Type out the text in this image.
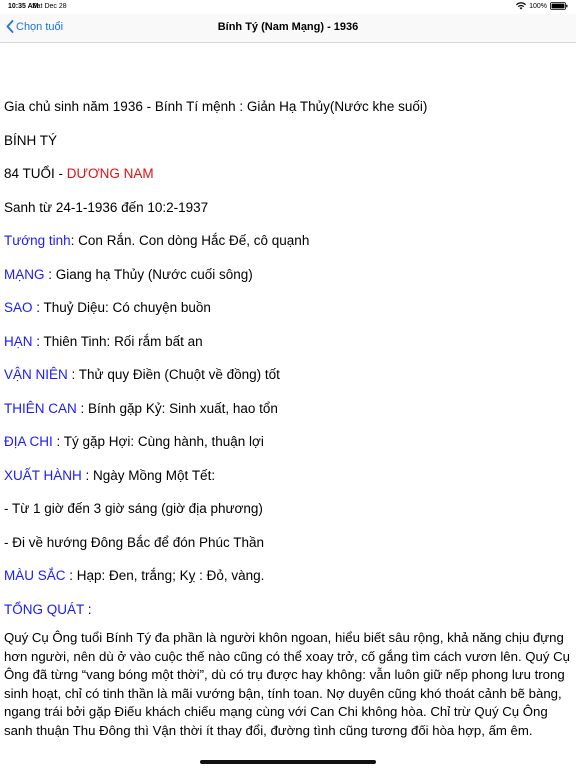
10:35 AM
Sat Dec 28	100%
Chọn tuổi	Bính Tý (Nam Mạng) - 1936
Gia chủ sinh năm 1936 - Bính Tí mệnh : Giản Hạ Thủy(Nước khe suối)
BÍNH TÝ
84 TUỔI - DƯƠNG NAM
Sanh từ 24-1-1936 đến 10:2-1937
Tướng tinh: Con Rắn. Con dòng Hắc Đế, cô quạnh
MẠNG : Giang hạ Thủy (Nước cuối sông)
SAO : Thuỷ Diệu: Có chuyện buồn
HẠN : Thiên Tinh: Rối rắm bất an
VẬN NIÊN : Thử quy Điền (Chuột về đồng) tốt
THIÊN CAN : Bính gặp Kỷ: Sinh xuất, hao tổn
ĐỊA CHI : Tý gặp Hợi: Cùng hành, thuận lợi
XUẤT HÀNH : Ngày Mồng Một Tết:
- Từ 1 giờ đến 3 giờ sáng (giờ địa phương)
- Đi về hướng Đông Bắc để đón Phúc Thần
MÀU SẮC : Hạp: Đen, trắng; Kỵ : Đỏ, vàng.
TỔNG QUÁT :
Quý Cụ Ông tuổi Bính Tý đa phần là người khôn ngoan, hiểu biết sâu rộng, khả năng chịu đựng hơn người, nên dù ở vào cuộc thế nào cũng có thể xoay trở, cố gắng tìm cách vươn lên. Quý Cụ Ông đã từng “vang bóng một thời”, dù có trụ được hay không: vẫn luôn giữ nếp phong lưu trong sinh hoạt, chỉ có tinh thần là mãi vướng bận, tính toan. Nợ duyên cũng khó thoát cảnh bẽ bàng, ngang trái bởi gặp Điếu khách chiếu mạng cùng với Can Chi không hòa. Chỉ trừ Quý Cụ Ông sanh thuận Thu Đông thì Vận thời ít thay đổi, đường tình cũng tương đối hòa hợp, ấm êm.
